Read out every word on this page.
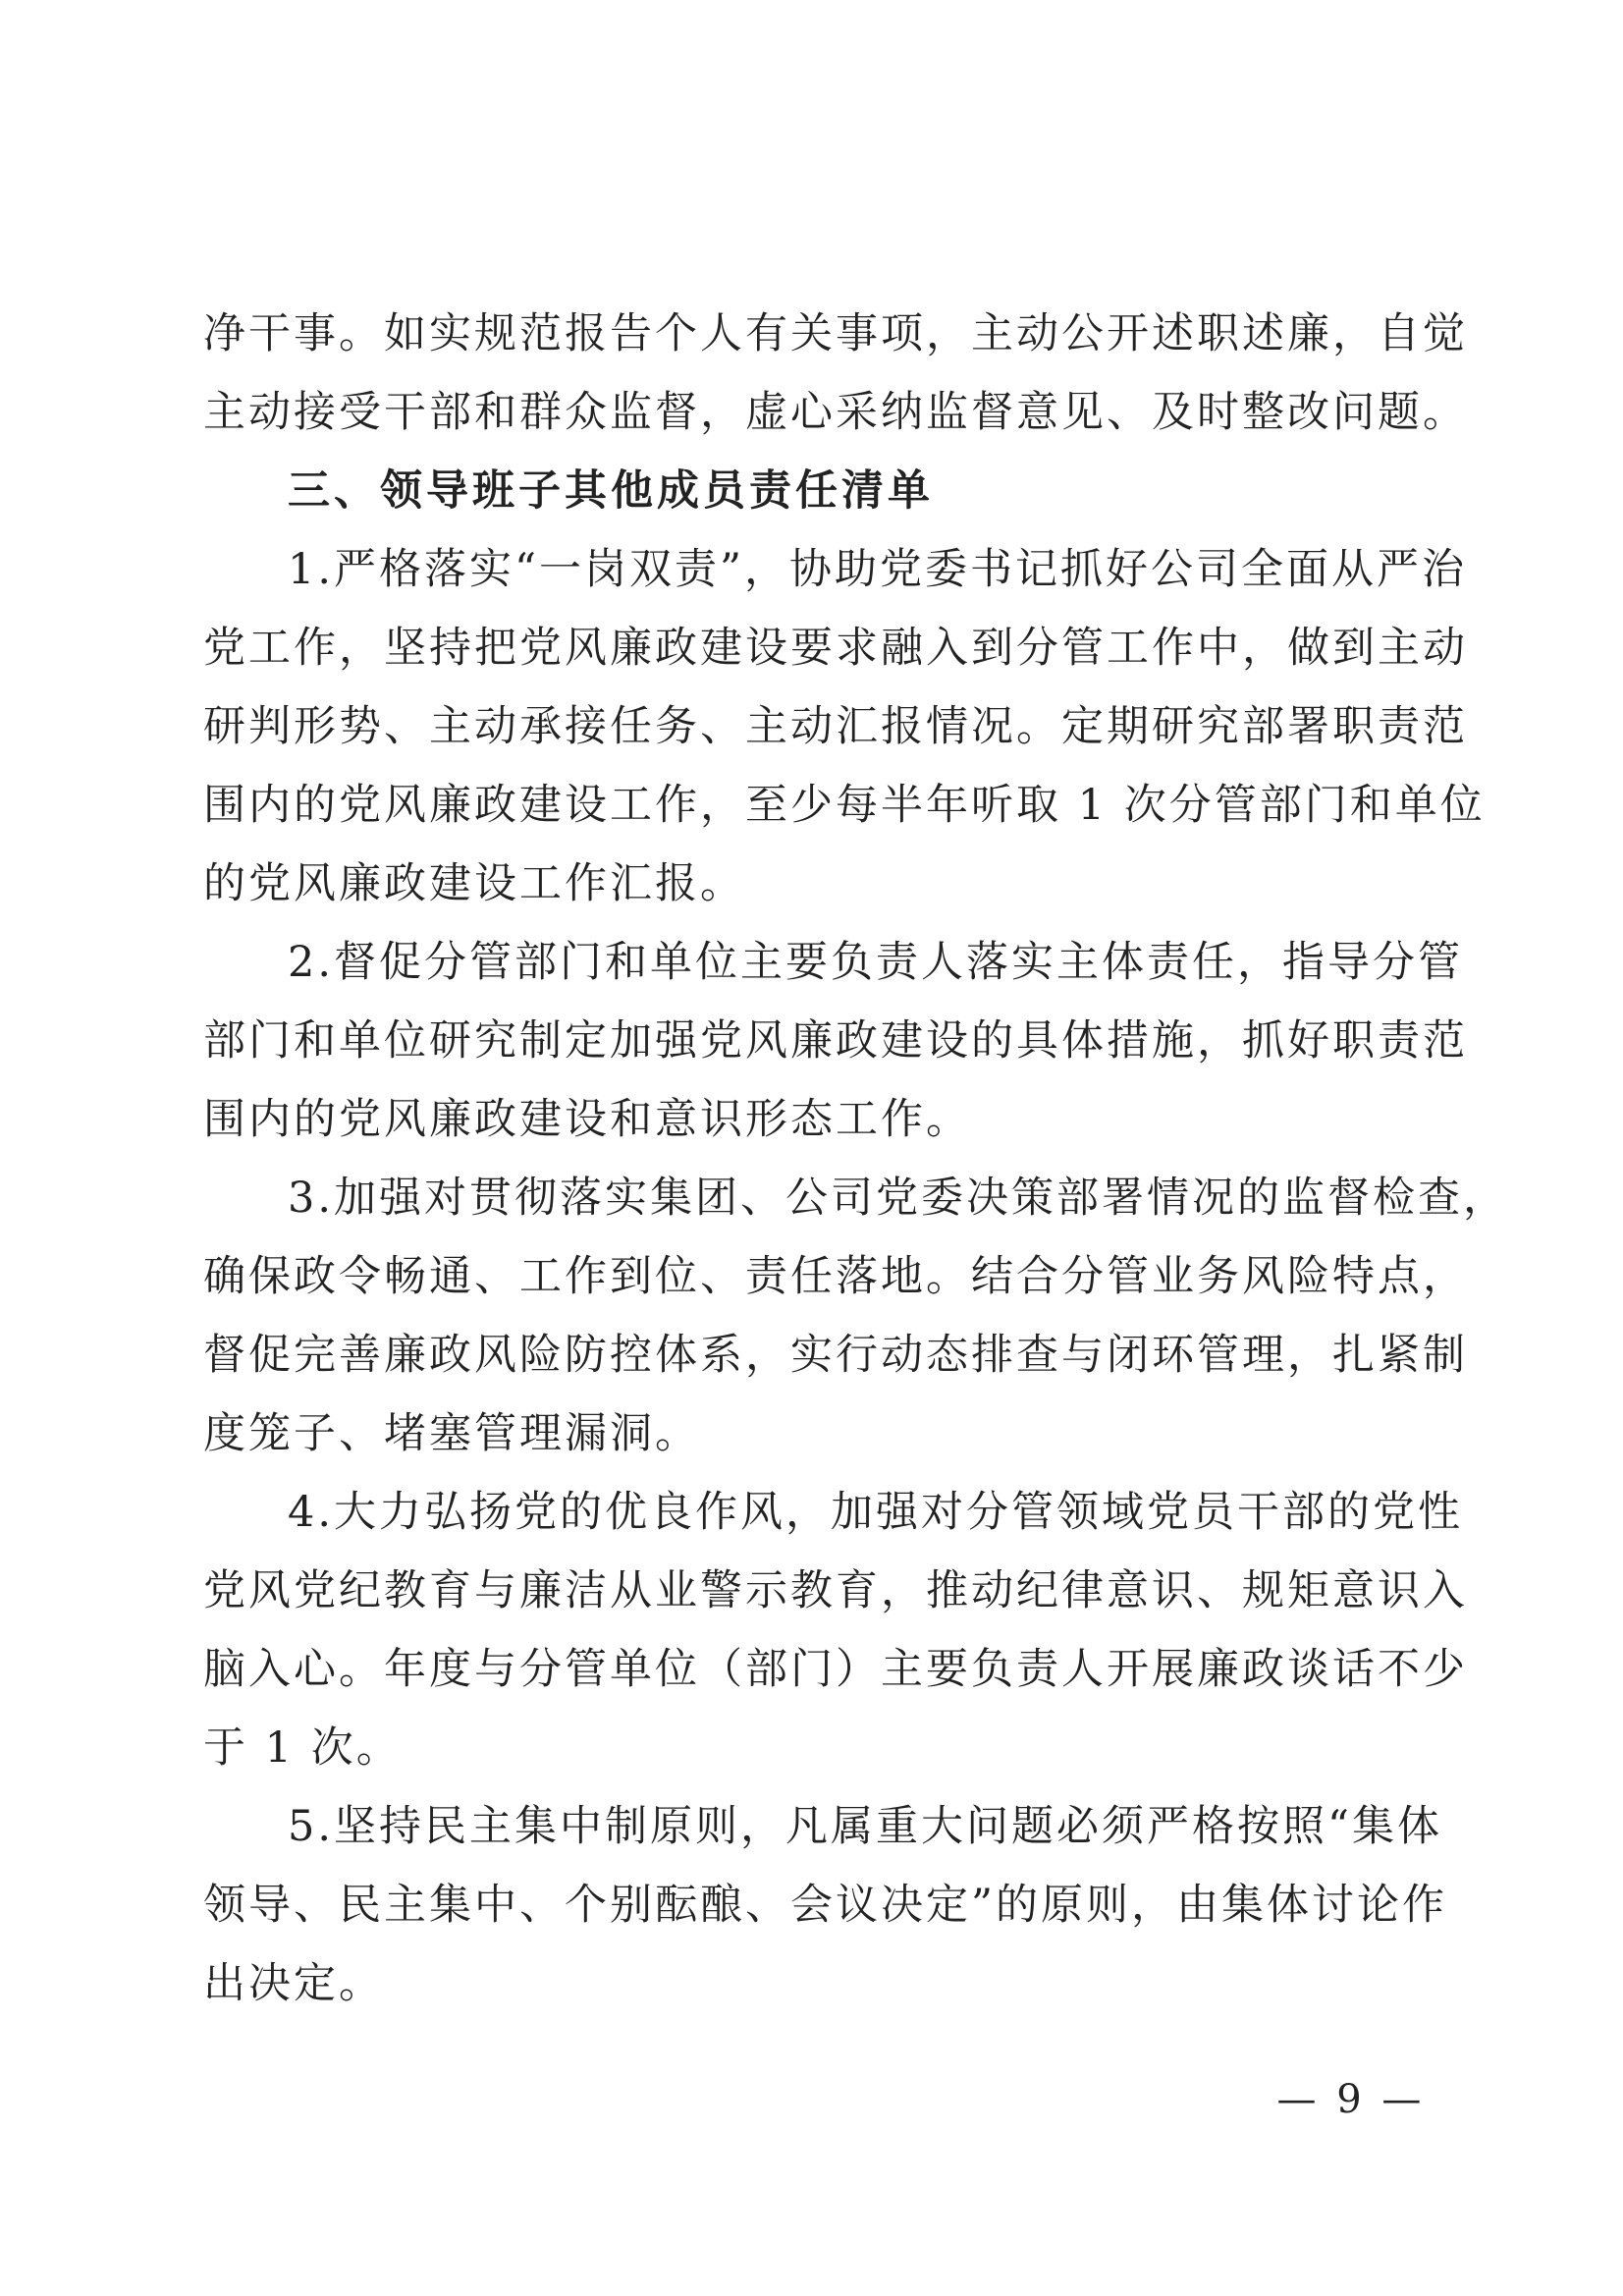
净干事。如实规范报告个人有关事项，主动公开述职述廉，自觉
主动接受干部和群众监督，虚心采纳监督意见、及时整改问题。
三、领导班子其他成员责任清单
1.严格落实“一岗双责”，协助党委书记抓好公司全面从严治
党工作，坚持把党风廉政建设要求融入到分管工作中，做到主动
研判形势、主动承接任务、主动汇报情况。定期研究部署职责范
围内的党风廉政建设工作，至少每半年听取 1 次分管部门和单位
的党风廉政建设工作汇报。
2.督促分管部门和单位主要负责人落实主体责任，指导分管
部门和单位研究制定加强党风廉政建设的具体措施，抓好职责范
围内的党风廉政建设和意识形态工作。
3.加强对贯彻落实集团、公司党委决策部署情况的监督检查，
确保政令畅通、工作到位、责任落地。结合分管业务风险特点，
督促完善廉政风险防控体系，实行动态排查与闭环管理，扎紧制
度笼子、堵塞管理漏洞。
4.大力弘扬党的优良作风，加强对分管领域党员干部的党性
党风党纪教育与廉洁从业警示教育，推动纪律意识、规矩意识入
脑入心。年度与分管单位（部门）主要负责人开展廉政谈话不少
于 1 次。
5.坚持民主集中制原则，凡属重大问题必须严格按照“集体
领导、民主集中、个别酝酿、会议决定”的原则，由集体讨论作
出决定。
— 9 —
